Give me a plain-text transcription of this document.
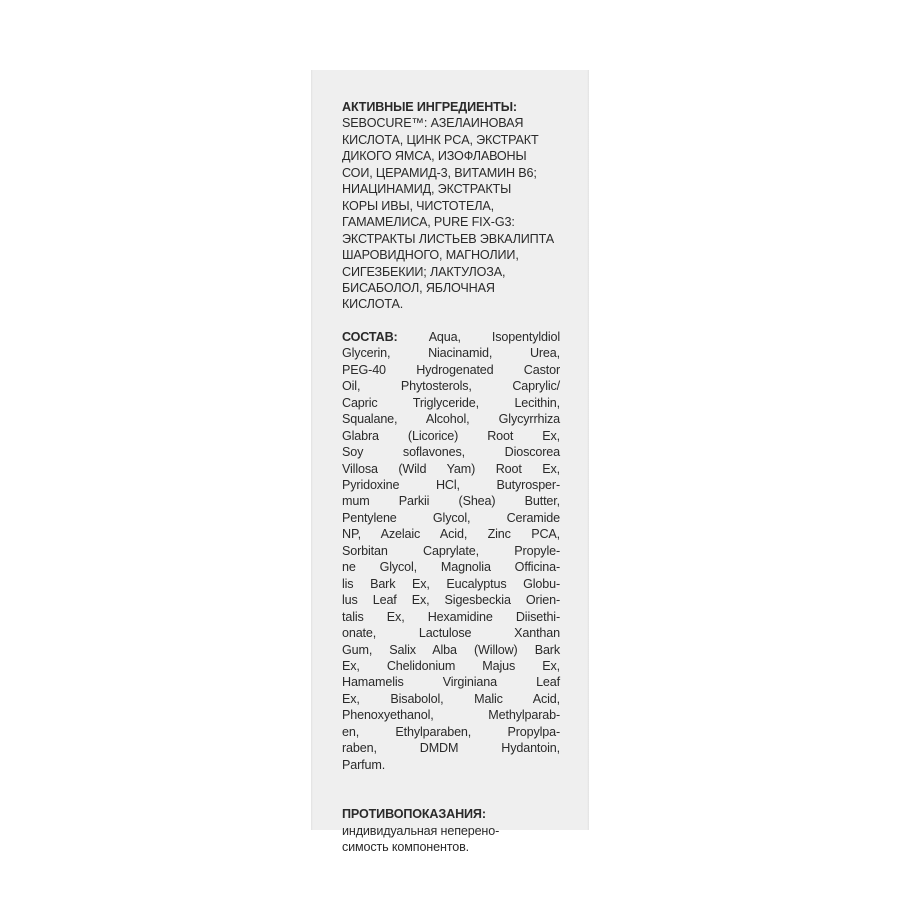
АКТИВНЫЕ ИНГРЕДИЕНТЫ:
SEBOCURE™: АЗЕЛАИНОВАЯ
КИСЛОТА, ЦИНК PCA, ЭКСТРАКТ
ДИКОГО ЯМСА, ИЗОФЛАВОНЫ
СОИ, ЦЕРАМИД-3, ВИТАМИН В6;
НИАЦИНАМИД, ЭКСТРАКТЫ
КОРЫ ИВЫ, ЧИСТОТЕЛА,
ГАМАМЕЛИСА, PURE FIX-G3:
ЭКСТРАКТЫ ЛИСТЬЕВ ЭВКАЛИПТА
ШАРОВИДНОГО, МАГНОЛИИ,
СИГЕЗБЕКИИ; ЛАКТУЛОЗА,
БИСАБОЛОЛ, ЯБЛОЧНАЯ
КИСЛОТА.
СОСТАВ: Aqua, Isopentyldiol
Glycerin, Niacinamid, Urea,
PEG-40 Hydrogenated Castor
Oil, Phytosterols, Caprylic/
Capric Triglyceride, Lecithin,
Squalane, Alcohol, Glycyrrhiza
Glabra (Licorice) Root Ex,
Soy soflavones, Dioscorea
Villosa (Wild Yam) Root Ex,
Pyridoxine HCl, Butyrosper-
mum Parkii (Shea) Butter,
Pentylene Glycol, Ceramide
NP, Azelaic Acid, Zinc PCA,
Sorbitan Caprylate, Propyle-
ne Glycol, Magnolia Officina-
lis Bark Ex, Eucalyptus Globu-
lus Leaf Ex, Sigesbeckia Orien-
talis Ex, Hexamidine Diisethi-
onate, Lactulose Xanthan
Gum, Salix Alba (Willow) Bark
Ex, Chelidonium Majus Ex,
Hamamelis Virginiana Leaf
Ex, Bisabolol, Malic Acid,
Phenoxyethanol, Methylparab-
en, Ethylparaben, Propylpa-
raben, DMDM Hydantoin,
Parfum.
ПРОТИВОПОКАЗАНИЯ:
индивидуальная неперено-
симость компонентов.
